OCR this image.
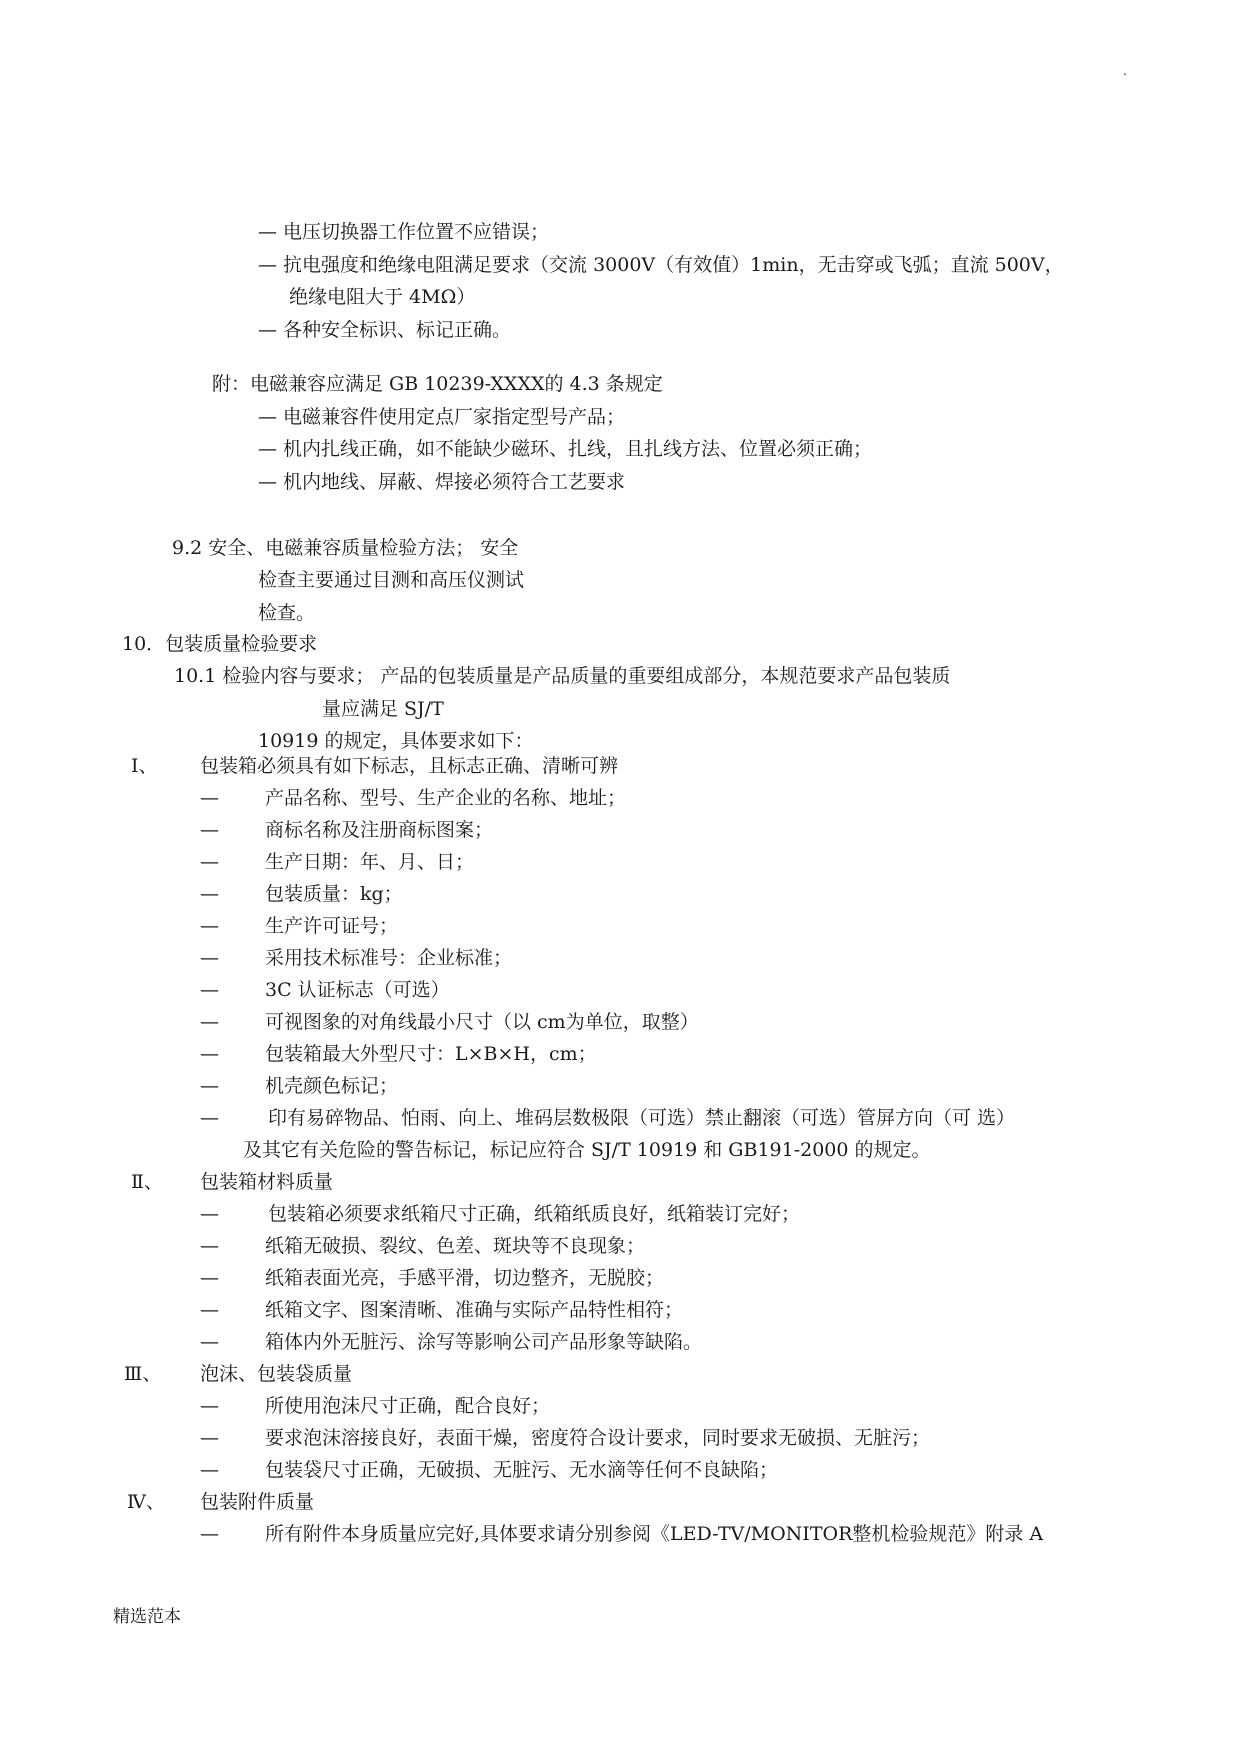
.
— 电压切换器工作位置不应错误；
— 抗电强度和绝缘电阻满足要求（交流 3000V（有效值）1min，无击穿或飞弧；直流 500V，
绝缘电阻大于 4MΩ）
— 各种安全标识、标记正确。
附：电磁兼容应满足 GB 10239-XXXX的 4.3 条规定
— 电磁兼容件使用定点厂家指定型号产品；
— 机内扎线正确，如不能缺少磁环、扎线，且扎线方法、位置必须正确；
— 机内地线、屏蔽、焊接必须符合工艺要求
9.2 安全、电磁兼容质量检验方法； 安全
检查主要通过目测和高压仪测试
检查。
10．包装质量检验要求
10.1 检验内容与要求； 产品的包装质量是产品质量的重要组成部分，本规范要求产品包装质
量应满足 SJ/T
10919 的规定，具体要求如下：
Ⅰ、 包装箱必须具有如下标志，且标志正确、清晰可辨
— 产品名称、型号、生产企业的名称、地址；
— 商标名称及注册商标图案；
— 生产日期：年、月、日；
— 包装质量：kg；
— 生产许可证号；
— 采用技术标准号：企业标准；
— 3C 认证标志（可选）
— 可视图象的对角线最小尺寸（以 cm为单位，取整）
— 包装箱最大外型尺寸：L×B×H，cm；
— 机壳颜色标记；
—	印有易碎物品、怕雨、向上、堆码层数极限（可选）禁止翻滚（可选）管屏方向（可 选）
及其它有关危险的警告标记，标记应符合 SJ/T 10919 和 GB191-2000 的规定。
Ⅱ、 包装箱材料质量
—	包装箱必须要求纸箱尺寸正确，纸箱纸质良好，纸箱装订完好；
— 纸箱无破损、裂纹、色差、斑块等不良现象；
— 纸箱表面光亮，手感平滑，切边整齐，无脱胶；
— 纸箱文字、图案清晰、准确与实际产品特性相符；
— 箱体内外无脏污、涂写等影响公司产品形象等缺陷。
Ⅲ、 泡沫、包装袋质量
— 所使用泡沫尺寸正确，配合良好；
— 要求泡沫溶接良好，表面干燥，密度符合设计要求，同时要求无破损、无脏污；
— 包装袋尺寸正确，无破损、无脏污、无水滴等任何不良缺陷；
Ⅳ、 包装附件质量
— 所有附件本身质量应完好,具体要求请分别参阅《LED-TV/MONITOR整机检验规范》附录 A
精选范本
